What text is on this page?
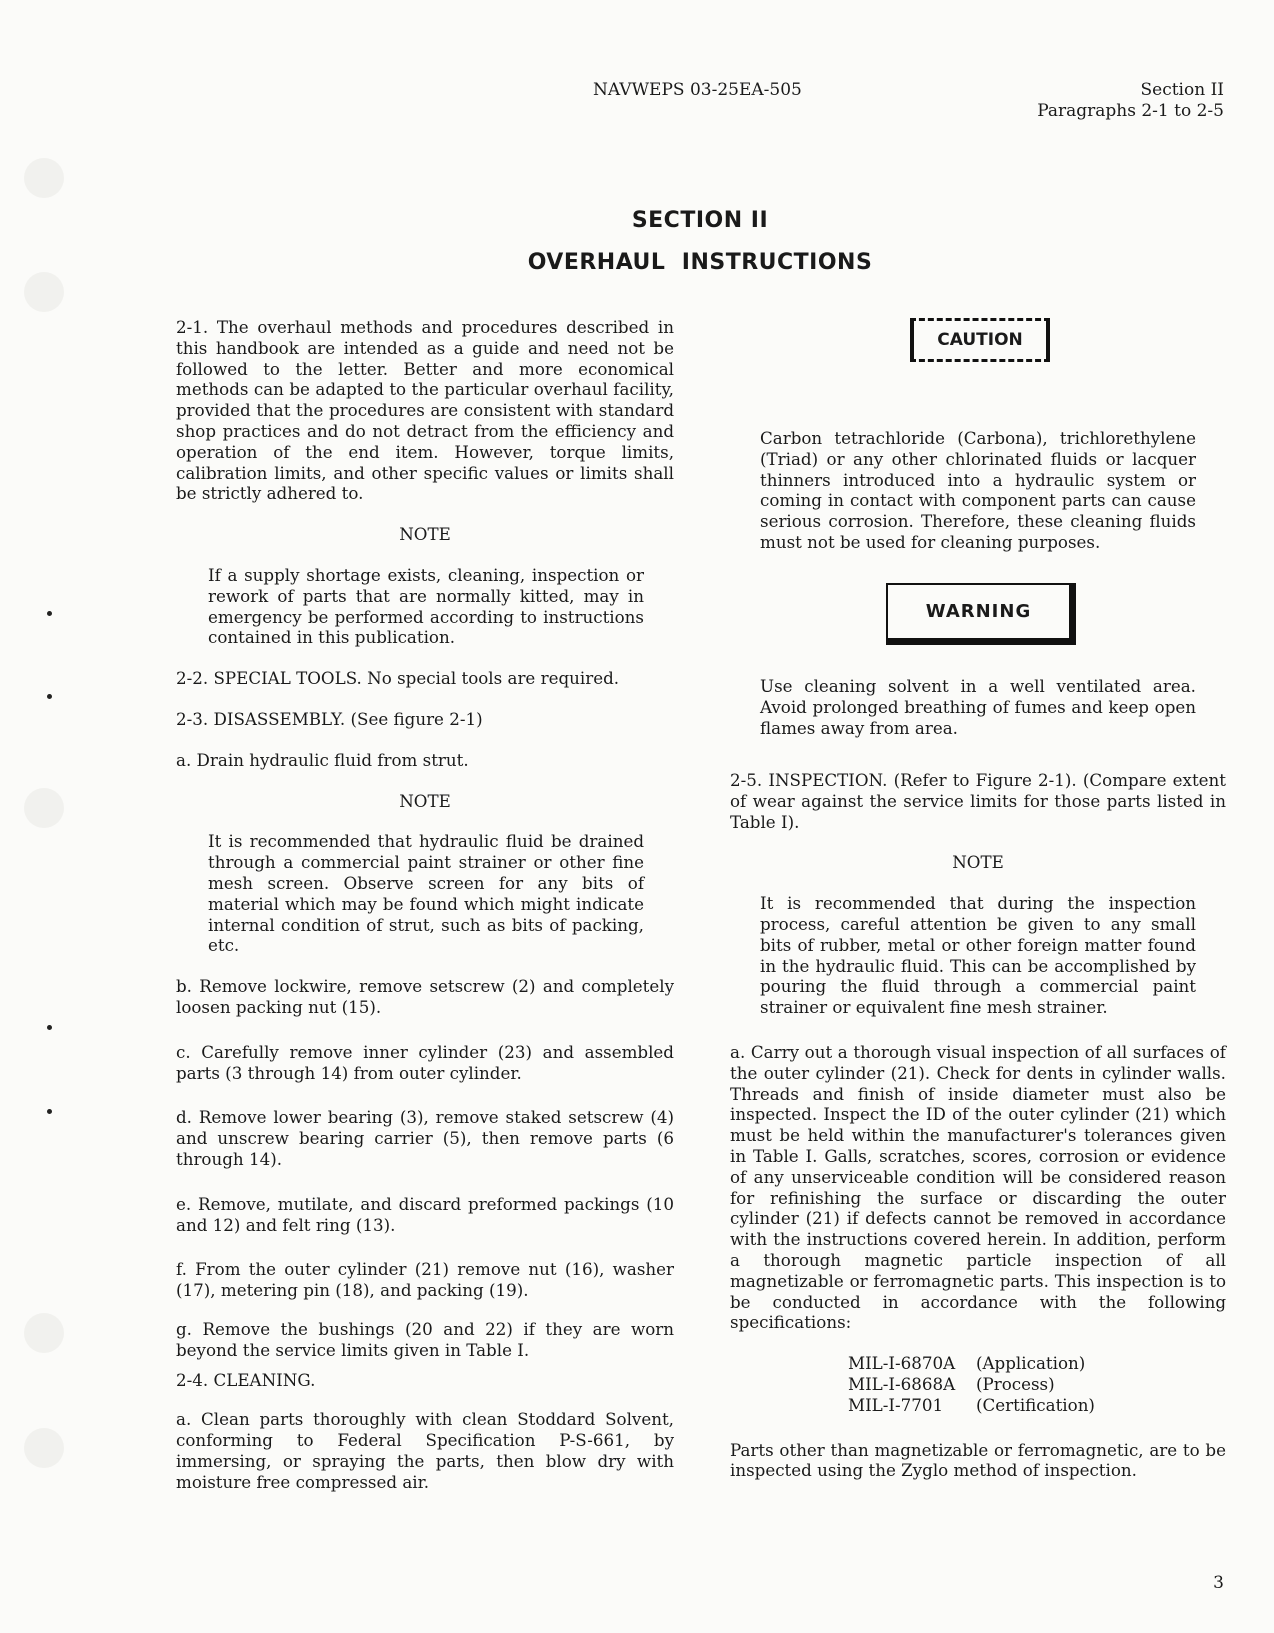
NAVWEPS 03-25EA-505	Section II
Paragraphs 2-1 to 2-5
SECTION II
OVERHAUL  INSTRUCTIONS

2-1. The overhaul methods and procedures described in this handbook are intended as a guide and need not be followed to the letter. Better and more economical methods can be adapted to the particular overhaul facility, provided that the procedures are consistent with standard shop practices and do not detract from the efficiency and operation of the end item. However, torque limits, calibration limits, and other specific values or limits shall be strictly adhered to.

NOTE

If a supply shortage exists, cleaning, inspection or rework of parts that are normally kitted, may in emergency be performed according to instructions contained in this publication.

2-2. SPECIAL TOOLS. No special tools are required.

2-3. DISASSEMBLY. (See figure 2-1)

a. Drain hydraulic fluid from strut.

NOTE

It is recommended that hydraulic fluid be drained through a commercial paint strainer or other fine mesh screen. Observe screen for any bits of material which may be found which might indicate internal condition of strut, such as bits of packing, etc.

b. Remove lockwire, remove setscrew (2) and completely loosen packing nut (15).

c. Carefully remove inner cylinder (23) and assembled parts (3 through 14) from outer cylinder.

d. Remove lower bearing (3), remove staked setscrew (4) and unscrew bearing carrier (5), then remove parts (6 through 14).

e. Remove, mutilate, and discard preformed packings (10 and 12) and felt ring (13).

f. From the outer cylinder (21) remove nut (16), washer (17), metering pin (18), and packing (19).

g. Remove the bushings (20 and 22) if they are worn beyond the service limits given in Table I.

2-4. CLEANING.

a. Clean parts thoroughly with clean Stoddard Solvent, conforming to Federal Specification P-S-661, by immersing, or spraying the parts, then blow dry with moisture free compressed air.

CAUTION
WARNING

Carbon tetrachloride (Carbona), trichlorethylene (Triad) or any other chlorinated fluids or lacquer thinners introduced into a hydraulic system or coming in contact with component parts can cause serious corrosion. Therefore, these cleaning fluids must not be used for cleaning purposes.

Use cleaning solvent in a well ventilated area. Avoid prolonged breathing of fumes and keep open flames away from area.

2-5. INSPECTION. (Refer to Figure 2-1). (Compare extent of wear against the service limits for those parts listed in Table I).

NOTE

It is recommended that during the inspection process, careful attention be given to any small bits of rubber, metal or other foreign matter found in the hydraulic fluid. This can be accomplished by pouring the fluid through a commercial paint strainer or equivalent fine mesh strainer.

a. Carry out a thorough visual inspection of all surfaces of the outer cylinder (21). Check for dents in cylinder walls. Threads and finish of inside diameter must also be inspected. Inspect the ID of the outer cylinder (21) which must be held within the manufacturer's tolerances given in Table I. Galls, scratches, scores, corrosion or evidence of any unserviceable condition will be considered reason for refinishing the surface or discarding the outer cylinder (21) if defects cannot be removed in accordance with the instructions covered herein. In addition, perform a thorough magnetic particle inspection of all magnetizable or ferromagnetic parts. This inspection is to be conducted in accordance with the following specifications:

MIL-I-6870A	(Application)
MIL-I-6868A	(Process)
MIL-I-7701	(Certification)

Parts other than magnetizable or ferromagnetic, are to be inspected using the Zyglo method of inspection.

3
